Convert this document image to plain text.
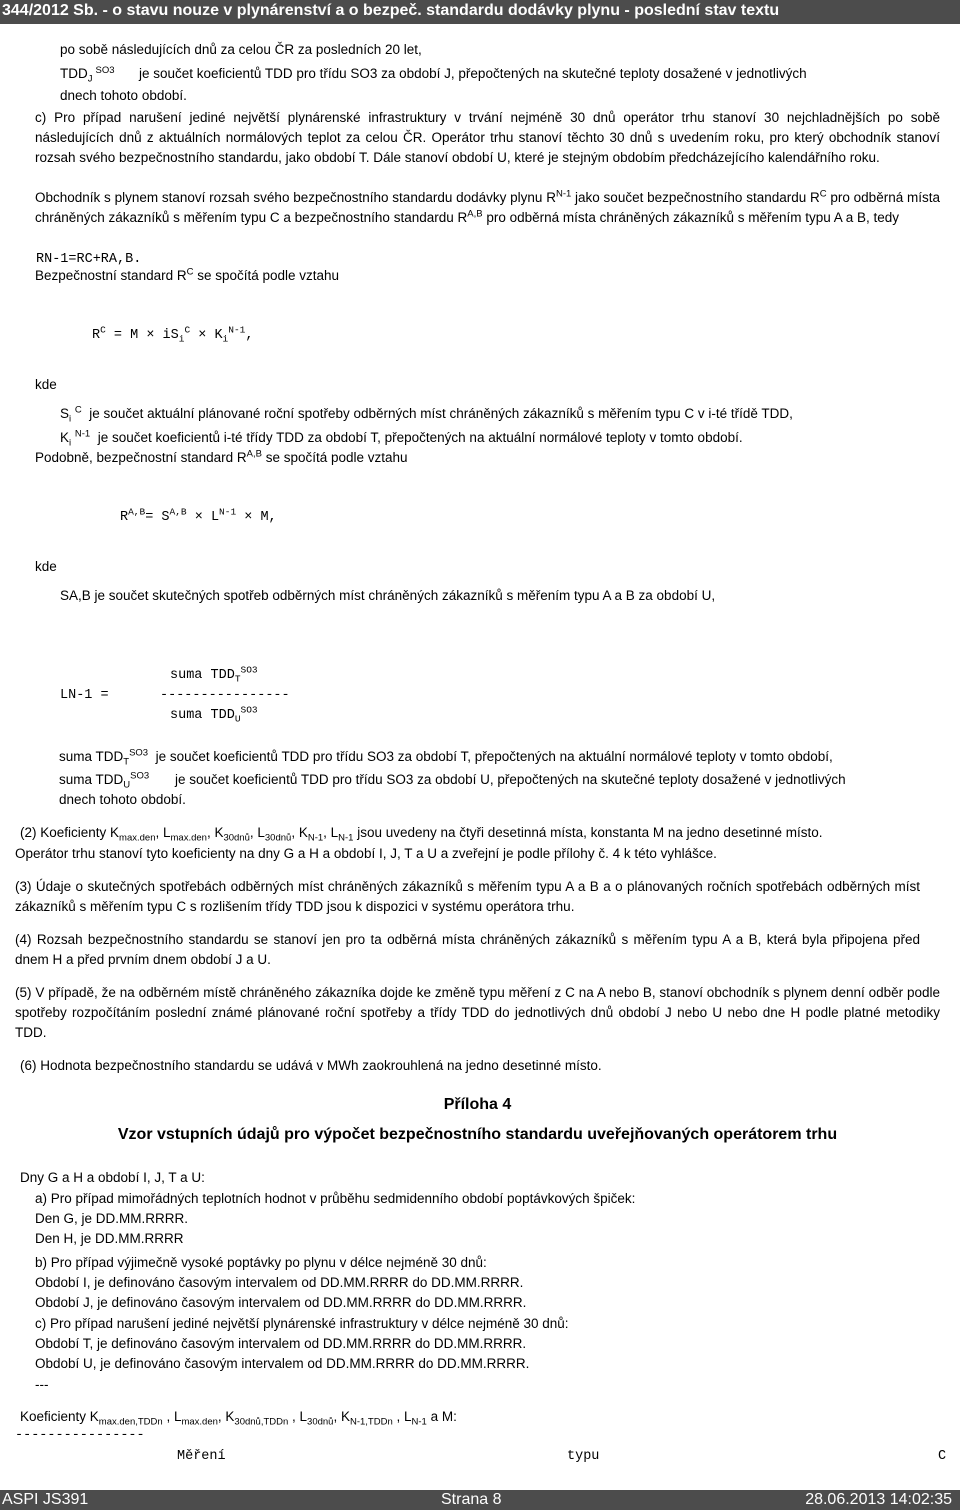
344/2012 Sb. - o stavu nouze v plynárenství a o bezpeč. standardu dodávky plynu - poslední stav textu
po sobě následujících dnů za celou ČR za posledních 20 let,
$TDD_J^{SO3}$ je součet koeficientů TDD pro třídu SO3 za období J, přepočtených na skutečné teploty dosažené v jednotlivých
dnech tohoto období.
c) Pro případ narušení jediné největší plynárenské infrastruktury v trvání nejméně 30 dnů operátor trhu stanoví 30 nejchladnějších po sobě následujících dnů z aktuálních normálových teplot za celou ČR. Operátor trhu stanoví těchto 30 dnů s uvedením roku, pro který obchodník stanoví rozsah svého bezpečnostního standardu, jako období T. Dále stanoví období U, které je stejným obdobím předcházejícího kalendářního roku.
Obchodník s plynem stanoví rozsah svého bezpečnostního standardu dodávky plynu $R^{N-1}$ jako součet bezpečnostního standardu $R^C$ pro odběrná místa chráněných zákazníků s měřením typu C a bezpečnostního standardu $R^{A,B}$ pro odběrná místa chráněných zákazníků s měřením typu A a B, tedy
RN-1=RC+RA,B.
Bezpečnostní standard $R^C$ se spočítá podle vztahu
$R^C = M \times iS_i^C \times K_i^{N-1}$,
kde
$S_i$ $^C$ je součet aktuální plánované roční spotřeby odběrných míst chráněných zákazníků s měřením typu C v i-té třídě TDD,
$K_i$ $^{N-1}$ je součet koeficientů i-té třídy TDD za období T, přepočtených na aktuální normálové teploty v tomto období.
Podobně, bezpečnostní standard $R^{A,B}$ se spočítá podle vztahu
$R^{A,B}= S^{A,B} \times L^{N-1} \times M$,
kde
SA,B je součet skutečných spotřeb odběrných míst chráněných zákazníků s měřením typu A a B za období U,
suma $TDD_T^{SO3}$
LN-1 =	----------------
suma $TDD_U^{SO3}$
suma $TDD_T^{SO3}$ je součet koeficientů TDD pro třídu SO3 za období T, přepočtených na aktuální normálové teploty v tomto období,
suma $TDD_U^{SO3}$ je součet koeficientů TDD pro třídu SO3 za období U, přepočtených na skutečné teploty dosažené v jednotlivých
dnech tohoto období.
(2) Koeficienty $K_{max.den}$, $L_{max.den}$, $K_{30dnů}$, $L_{30dnů}$, $K_{N-1}$, $L_{N-1}$ jsou uvedeny na čtyři desetinná místa, konstanta M na jedno desetinné místo.
Operátor trhu stanoví tyto koeficienty na dny G a H a období I, J, T a U a zveřejní je podle přílohy č. 4 k této vyhlášce.
(3) Údaje o skutečných spotřebách odběrných míst chráněných zákazníků s měřením typu A a B a o plánovaných ročních spotřebách odběrných míst zákazníků s měřením typu C s rozlišením třídy TDD jsou k dispozici v systému operátora trhu.
(4) Rozsah bezpečnostního standardu se stanoví jen pro ta odběrná místa chráněných zákazníků s měřením typu A a B, která byla připojena před dnem H a před prvním dnem období J a U.
(5) V případě, že na odběrném místě chráněného zákazníka dojde ke změně typu měření z C na A nebo B, stanoví obchodník s plynem denní odběr podle spotřeby rozpočítáním poslední známé plánované roční spotřeby a třídy TDD do jednotlivých dnů období J nebo U nebo dne H podle platné metodiky TDD.
(6) Hodnota bezpečnostního standardu se udává v MWh zaokrouhlená na jedno desetinné místo.
Příloha 4
Vzor vstupních údajů pro výpočet bezpečnostního standardu uveřejňovaných operátorem trhu
Dny G a H a období I, J, T a U:
a) Pro případ mimořádných teplotních hodnot v průběhu sedmidenního období poptávkových špiček:
Den G, je DD.MM.RRRR.
Den H, je DD.MM.RRRR
b) Pro případ výjimečně vysoké poptávky po plynu v délce nejméně 30 dnů:
Období I, je definováno časovým intervalem od DD.MM.RRRR do DD.MM.RRRR.
Období J, je definováno časovým intervalem od DD.MM.RRRR do DD.MM.RRRR.
c) Pro případ narušení jediné největší plynárenské infrastruktury v délce nejméně 30 dnů:
Období T, je definováno časovým intervalem od DD.MM.RRRR do DD.MM.RRRR.
Období U, je definováno časovým intervalem od DD.MM.RRRR do DD.MM.RRRR.
---
Koeficienty $K_{max.den,TDDn}$ , $L_{max.den}$, $K_{30dnů,TDDn}$ , $L_{30dnů}$, $K_{N-1,TDDn}$ , $L_{N-1}$ a M:
----------------
Měření	typu	C
ASPI JS391	Strana 8	28.06.2013 14:02:35
